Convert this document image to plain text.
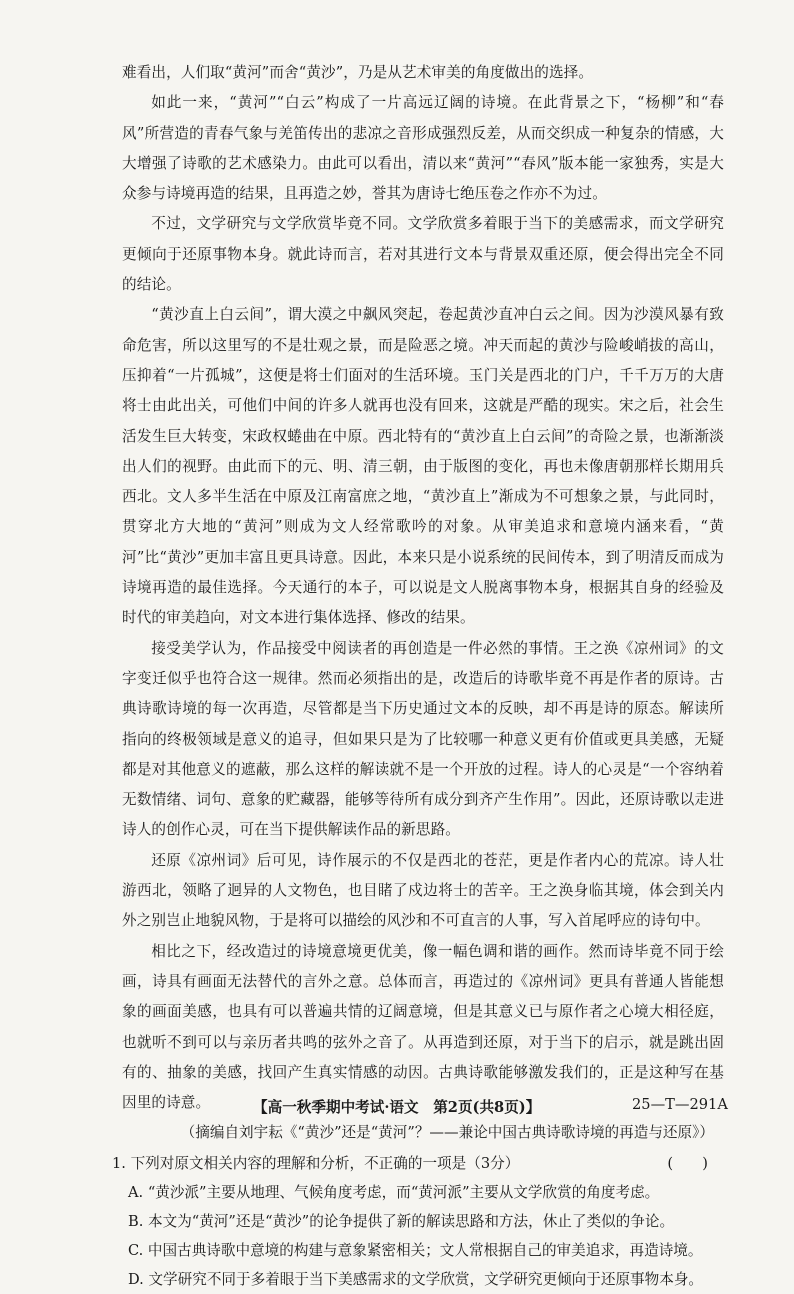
难看出，人们取“黄河”而舍“黄沙”，乃是从艺术审美的角度做出的选择。

如此一来，“黄河”“白云”构成了一片高远辽阔的诗境。在此背景之下，“杨柳”和“春风”所营造的青春气象与羌笛传出的悲凉之音形成强烈反差，从而交织成一种复杂的情感，大大增强了诗歌的艺术感染力。由此可以看出，清以来“黄河”“春风”版本能一家独秀，实是大众参与诗境再造的结果，且再造之妙，誉其为唐诗七绝压卷之作亦不为过。

不过，文学研究与文学欣赏毕竟不同。文学欣赏多着眼于当下的美感需求，而文学研究更倾向于还原事物本身。就此诗而言，若对其进行文本与背景双重还原，便会得出完全不同的结论。

“黄沙直上白云间”，谓大漠之中飙风突起，卷起黄沙直冲白云之间。因为沙漠风暴有致命危害，所以这里写的不是壮观之景，而是险恶之境。冲天而起的黄沙与险峻峭拔的高山，压抑着“一片孤城”，这便是将士们面对的生活环境。玉门关是西北的门户，千千万万的大唐将士由此出关，可他们中间的许多人就再也没有回来，这就是严酷的现实。宋之后，社会生活发生巨大转变，宋政权蜷曲在中原。西北特有的“黄沙直上白云间”的奇险之景，也渐渐淡出人们的视野。由此而下的元、明、清三朝，由于版图的变化，再也未像唐朝那样长期用兵西北。文人多半生活在中原及江南富庶之地，“黄沙直上”渐成为不可想象之景，与此同时，贯穿北方大地的“黄河”则成为文人经常歌吟的对象。从审美追求和意境内涵来看，“黄河”比“黄沙”更加丰富且更具诗意。因此，本来只是小说系统的民间传本，到了明清反而成为诗境再造的最佳选择。今天通行的本子，可以说是文人脱离事物本身，根据其自身的经验及时代的审美趋向，对文本进行集体选择、修改的结果。

接受美学认为，作品接受中阅读者的再创造是一件必然的事情。王之涣《凉州词》的文字变迁似乎也符合这一规律。然而必须指出的是，改造后的诗歌毕竟不再是作者的原诗。古典诗歌诗境的每一次再造，尽管都是当下历史通过文本的反映，却不再是诗的原态。解读所指向的终极领域是意义的追寻，但如果只是为了比较哪一种意义更有价值或更具美感，无疑都是对其他意义的遮蔽，那么这样的解读就不是一个开放的过程。诗人的心灵是“一个容纳着无数情绪、词句、意象的贮藏器，能够等待所有成分到齐产生作用”。因此，还原诗歌以走进诗人的创作心灵，可在当下提供解读作品的新思路。

还原《凉州词》后可见，诗作展示的不仅是西北的苍茫，更是作者内心的荒凉。诗人壮游西北，领略了迥异的人文物色，也目睹了戍边将士的苦辛。王之涣身临其境，体会到关内外之别岂止地貌风物，于是将可以描绘的风沙和不可直言的人事，写入首尾呼应的诗句中。

相比之下，经改造过的诗境意境更优美，像一幅色调和谐的画作。然而诗毕竟不同于绘画，诗具有画面无法替代的言外之意。总体而言，再造过的《凉州词》更具有普通人皆能想象的画面美感，也具有可以普遍共情的辽阔意境，但是其意义已与原作者之心境大相径庭，也就听不到可以与亲历者共鸣的弦外之音了。从再造到还原，对于当下的启示，就是跳出固有的、抽象的美感，找回产生真实情感的动因。古典诗歌能够激发我们的，正是这种写在基因里的诗意。

（摘编自刘宇耘《“黄沙”还是“黄河”？——兼论中国古典诗歌诗境的再造与还原》）

1. 下列对原文相关内容的理解和分析，不正确的一项是（3分）	(　　)

A. “黄沙派”主要从地理、气候角度考虑，而“黄河派”主要从文学欣赏的角度考虑。

B. 本文为“黄河”还是“黄沙”的论争提供了新的解读思路和方法，休止了类似的争论。

C. 中国古典诗歌中意境的构建与意象紧密相关；文人常根据自己的审美追求，再造诗境。

D. 文学研究不同于多着眼于当下美感需求的文学欣赏，文学研究更倾向于还原事物本身。

【高一秋季期中考试·语文　第2页(共8页)】	25—T—291A
